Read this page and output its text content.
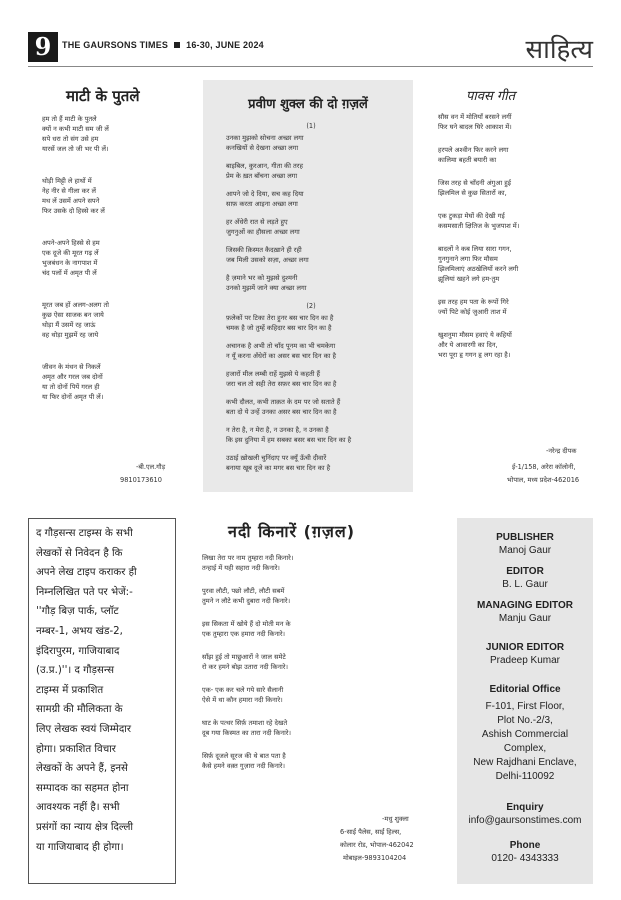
9	THE GAURSONS TIMES 16-30, JUNE 2024	साहित्य
माटी के पुतले
हम तो हैं माटी के पुतले
क्यों न कभी माटी सम जी लें
सपे धरा तो संग उसे हम
यारसें जल तो जी भर पी लें।
थोड़ी मिट्टी ले हाथों में
नेह नीर से गीला कर लें
मथ लें उसमें अपने सपने
फिर उसके दो हिस्से कर लें
अपने-अपने हिस्से से हम
एक दूजे की मूरत गढ़ लें
भुजबंधन के नागपाश में
चंद पलों में अमृत पी लें
मूरत जब हों अलग-अलग तो
कुछ ऐसा साजक बन जाये
थोड़ा मैं उसमें रह जाऊं
वह थोड़ा मुझमें रह जाये
जीवन के मंथन से निकलें
अमृत और गरल जब दोनों
या तो दोनों पियें गरल ही
या फिर दोनों अमृत पी लें।
-बी.एल.गौड़
9810173610
प्रवीण शुक्ल की दो ग़ज़लें
(1)
उनका मुझको सोचना अच्छा लगा
कनखियों से देखना अच्छा लगा
बाइबिल, कुरआन, गीता की तरह
प्रेम के ख़त बाँचना अच्छा लगा
आपने जो दे दिया, सच कह दिया
साफ़ करता आइना अच्छा लगा
हर अँधेरी रात से लड़ते हुए
जुगनुओं का हौसला अच्छा लगा
जिसकी क़िस्मत कैदख़ाने ही रही
जब मिली उसको सज़ा, अच्छा लगा
है ज़माने भर को मुझसे दुश्मनी
उनको मुझमें जाने क्या अच्छा लगा
(2)
फ़लेकों पर टिका तेरा हुनर बस चार दिन का है
चमक है जो तुम्हें कहिदार बस चार दिन का है
अचानक है अभी तो चाँद पूनम का भी चमकेगा
न यूँ करना अँधेरों का असर बस चार दिन का है
हजारों मील लम्बी राहें मुझसे ये कहती हैं
जरा चल तो सही तेरा सफ़र बस चार दिन का है
कभी दौलत, कभी ताक़त के दम पर जो सताते हैं
बता दो ये उन्हें उनका असर बस चार दिन का है
न तेरा है, न मेरा है, न उनका है, न उनका है
कि इस दुनिया में हम सबका बसर बस चार दिन का है
उठाई ख़ोखली चुनिंदाए पर क्यूँ ऊँची दीवारें
बनाया खूब दूजे का मगर बस चार दिन का है
पावस गीत
सौस वन में मोतियाँ बरसने लगीं
फिर घने बादल घिरे आकाश में।
हरपले अश्वीन फिर करने लगा
कालिमा बहती बयारी का
जिस तरह से चाँदनी अंगुआ हुई
झिलमिल से कुछ सितारों का,
एक टुकड़ा मेघों की देखी गई
कसमसाती क्षितिज के भुजपाश में।
बादलों ने कब लिया सारा गगन,
गुनगुनाने लगा फिर मौसम
झिलमिलाएं अठखेलियों करने लगी
झूलियां खहने लगे हम-तुम
इस तरह हम पता के रूपों गिरे
ज्यों पिटे कोई जुआरी ताश में
खुशनुमा मौसम हवाएं ये कहियों
और ये आवारगी का दिन,
भरा पूरा हृ गगन हृ लग रहा है।
-नरेन्द्र दीपक
ई-1/158, अरेरा कॉलोनी,
भोपाल, मध्य प्रदेश-462016
द गौड़सन्स टाइम्स के सभी
लेखकों से निवेदन है कि
अपने लेख टाइप कराकर ही
निम्नलिखित पते पर भेजें:-
''गौड़ बिज़ पार्क, प्लॉट
नम्बर-1, अभय खंड-2,
इंदिरापुरम, गाजियाबाद
(उ.प्र.)''। द गौड़सन्स
टाइम्स में प्रकाशित
सामग्री की मौलिकता के
लिए लेखक स्वयं जिम्मेदार
होगा। प्रकाशित विचार
लेखकों के अपने हैं, इनसे
सम्पादक का सहमत होना
आवश्यक नहीं है। सभी
प्रसंगों का न्याय क्षेत्र दिल्ली
या गाजियाबाद ही होगा।
नदी किनारें (ग़ज़ल)
लिखा तेरा पर नाम तुम्हारा नदी किनारे।
तन्हाई में यही सहारा नदी किनारे।
पुरवा लौटी, पछो लौटी, लौटी सबमें
तुमने न लौटे कभी दुबारा नदी किनारे।
इस सिकता में खोये हैं दो मोती मन के
एक तुम्हारा एक हमारा नदी किनारे।
साँझ हुई तो माछुआरों ने जाल समेटे
रो कर हमने बोझ उतारा नदी किनारे।
एक- एक कर चले गये सारे सैलानी
ऐसे में था कौन हमारा नदी किनारे।
घाट के पत्थर सिर्फ़ तमाशा रहे देखते
दूब गया किस्मत का तारा नदी किनारे।
सिर्फ़ दूजले सूरज की थे बात पता है
कैसे हमने वक़्त गुज़ारा नदी किनारे।
-मधु शुक्ला
6-साईं पैलेस, साईं हिल्स,
कोलार रोड, भोपाल-462042
मोबाइल-9893104204
PUBLISHER
Manoj Gaur
EDITOR
B. L. Gaur
MANAGING EDITOR
Manju Gaur
JUNIOR EDITOR
Pradeep Kumar
Editorial Office
F-101, First Floor,
Plot No.-2/3,
Ashish Commercial
Complex,
New Rajdhani Enclave,
Delhi-110092
Enquiry
info@gaursonstimes.com
Phone
0120- 4343333
